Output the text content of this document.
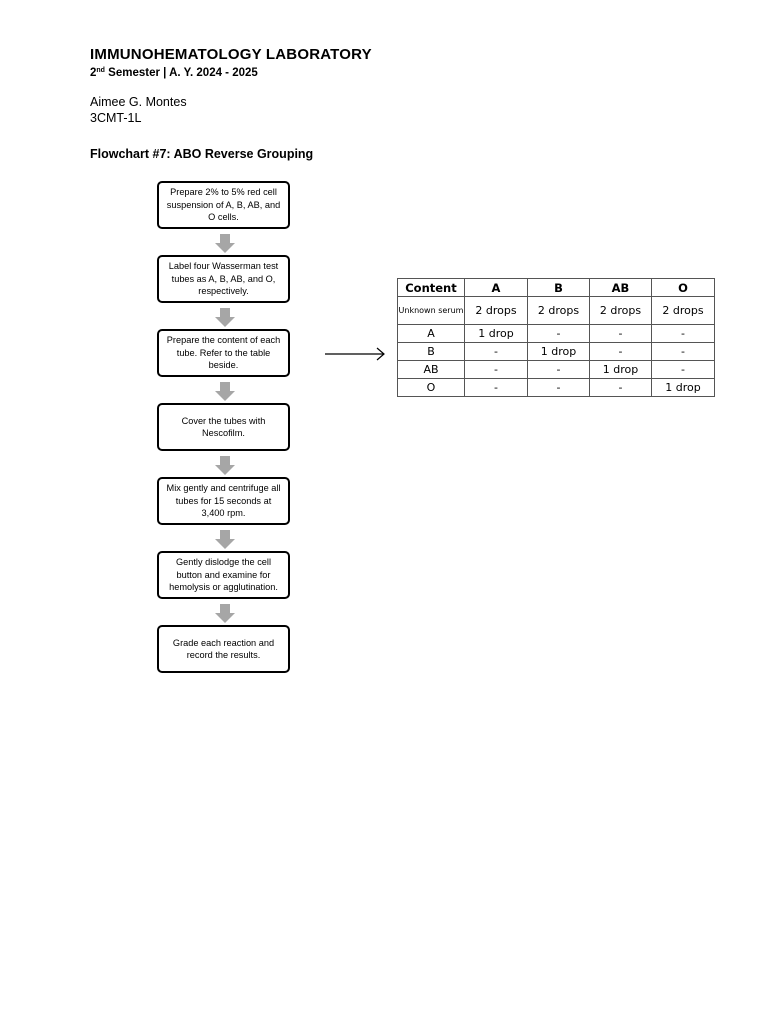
IMMUNOHEMATOLOGY LABORATORY
2nd Semester | A. Y. 2024 - 2025
Aimee G. Montes
3CMT-1L
Flowchart #7: ABO Reverse Grouping
Prepare 2% to 5% red cell suspension of A, B, AB, and O cells.
Label four Wasserman test tubes as A, B, AB, and O, respectively.
Prepare the content of each tube. Refer to the table beside.
Cover the tubes with Nescofilm.
Mix gently and centrifuge all tubes for 15 seconds at 3,400 rpm.
Gently dislodge the cell button and examine for hemolysis or agglutination.
Grade each reaction and record the results.
Content	A	B	AB	O
Unknown serum	2 drops	2 drops	2 drops	2 drops
A	1 drop	-	-	-
B	-	1 drop	-	-
AB	-	-	1 drop	-
O	-	-	-	1 drop
